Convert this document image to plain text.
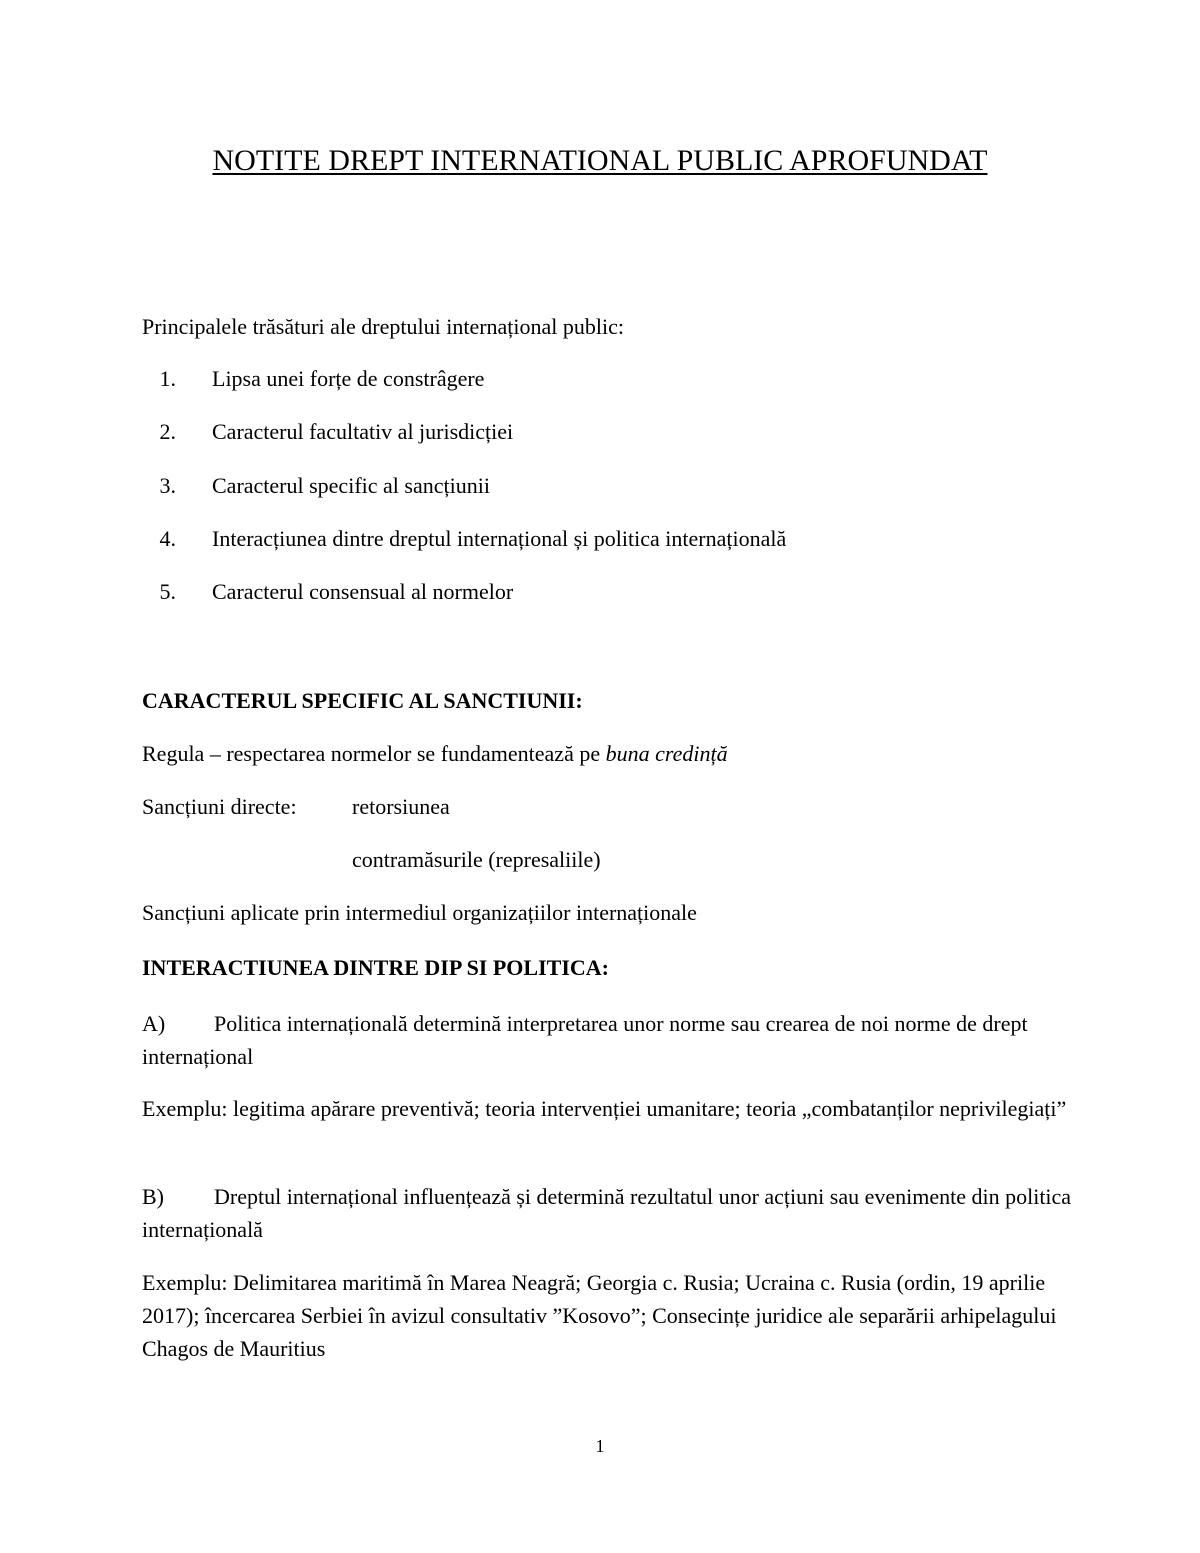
NOTITE DREPT INTERNATIONAL PUBLIC APROFUNDAT
Principalele trăsături ale dreptului internațional public:
1. Lipsa unei forțe de constrâgere
2. Caracterul facultativ al jurisdicției
3. Caracterul specific al sancțiunii
4. Interacțiunea dintre dreptul internațional și politica internațională
5. Caracterul consensual al normelor
CARACTERUL SPECIFIC AL SANCTIUNII:
Regula – respectarea normelor se fundamentează pe buna credință
Sancțiuni directe:	retorsiunea
contramăsurile (represaliile)
Sancțiuni aplicate prin intermediul organizațiilor internaționale
INTERACTIUNEA DINTRE DIP SI POLITICA:
A) Politica internațională determină interpretarea unor norme sau crearea de noi norme de drept internațional
Exemplu: legitima apărare preventivă; teoria intervenției umanitare; teoria „combatanților neprivilegiați”
B) Dreptul internațional influențează și determină rezultatul unor acțiuni sau evenimente din politica internațională
Exemplu: Delimitarea maritimă în Marea Neagră; Georgia c. Rusia; Ucraina c. Rusia (ordin, 19 aprilie 2017); încercarea Serbiei în avizul consultativ ”Kosovo”; Consecințe juridice ale separării arhipelagului Chagos de Mauritius
1
